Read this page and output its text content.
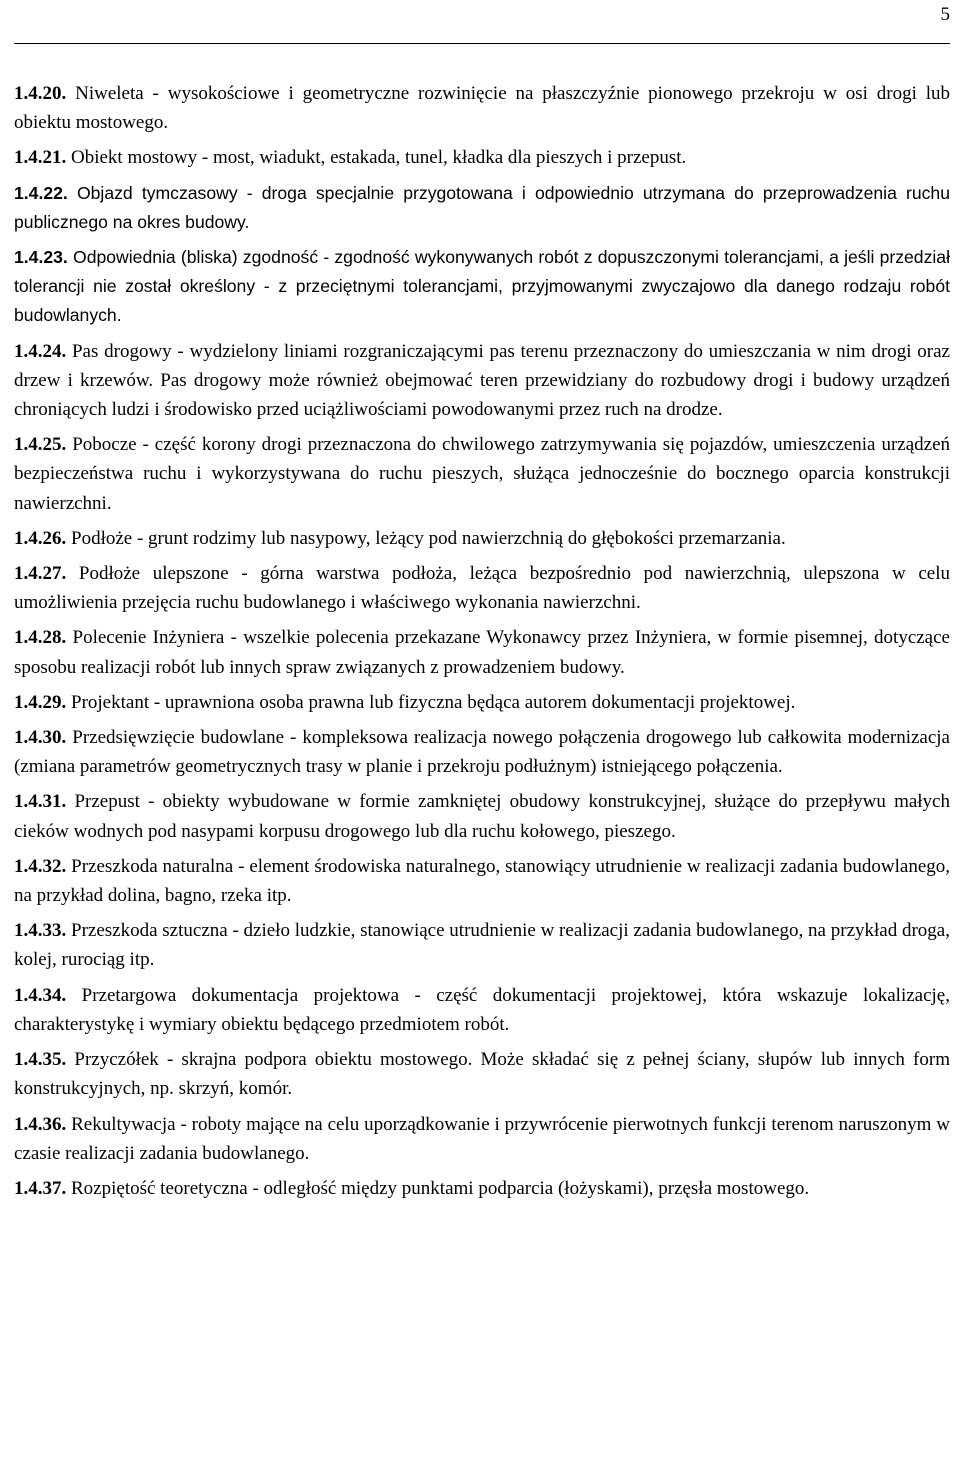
5

1.4.20. Niweleta - wysokościowe i geometryczne rozwinięcie na płaszczyźnie pionowego przekroju w osi drogi lub obiektu mostowego.

1.4.21. Obiekt mostowy - most, wiadukt, estakada, tunel, kładka dla pieszych i przepust.

1.4.22. Objazd tymczasowy - droga specjalnie przygotowana i odpowiednio utrzymana do przeprowadzenia ruchu publicznego na okres budowy.

1.4.23. Odpowiednia (bliska) zgodność - zgodność wykonywanych robót z dopuszczonymi tolerancjami, a jeśli przedział tolerancji nie został określony - z przeciętnymi tolerancjami, przyjmowanymi zwyczajowo dla danego rodzaju robót budowlanych.

1.4.24. Pas drogowy - wydzielony liniami rozgraniczającymi pas terenu przeznaczony do umieszczania w nim drogi oraz drzew i krzewów. Pas drogowy może również obejmować teren przewidziany do rozbudowy drogi i budowy urządzeń chroniących ludzi i środowisko przed uciążliwościami powodowanymi przez ruch na drodze.

1.4.25. Pobocze - część korony drogi przeznaczona do chwilowego zatrzymywania się pojazdów, umieszczenia urządzeń bezpieczeństwa ruchu i wykorzystywana do ruchu pieszych, służąca jednocześnie do bocznego oparcia konstrukcji nawierzchni.

1.4.26. Podłoże - grunt rodzimy lub nasypowy, leżący pod nawierzchnią do głębokości przemarzania.

1.4.27. Podłoże ulepszone - górna warstwa podłoża, leżąca bezpośrednio pod nawierzchnią, ulepszona w celu umożliwienia przejęcia ruchu budowlanego i właściwego wykonania nawierzchni.

1.4.28. Polecenie Inżyniera - wszelkie polecenia przekazane Wykonawcy przez Inżyniera, w formie pisemnej, dotyczące sposobu realizacji robót lub innych spraw związanych z prowadzeniem budowy.

1.4.29. Projektant - uprawniona osoba prawna lub fizyczna będąca autorem dokumentacji projektowej.

1.4.30. Przedsięwzięcie budowlane - kompleksowa realizacja nowego połączenia drogowego lub całkowita modernizacja (zmiana parametrów geometrycznych trasy w planie i przekroju podłużnym) istniejącego połączenia.

1.4.31. Przepust - obiekty wybudowane w formie zamkniętej obudowy konstrukcyjnej, służące do przepływu małych cieków wodnych pod nasypami korpusu drogowego lub dla ruchu kołowego, pieszego.

1.4.32. Przeszkoda naturalna - element środowiska naturalnego, stanowiący utrudnienie w realizacji zadania budowlanego, na przykład dolina, bagno, rzeka itp.

1.4.33. Przeszkoda sztuczna - dzieło ludzkie, stanowiące utrudnienie w realizacji zadania budowlanego, na przykład droga, kolej, rurociąg itp.

1.4.34. Przetargowa dokumentacja projektowa - część dokumentacji projektowej, która wskazuje lokalizację, charakterystykę i wymiary obiektu będącego przedmiotem robót.

1.4.35. Przyczółek - skrajna podpora obiektu mostowego. Może składać się z pełnej ściany, słupów lub innych form konstrukcyjnych, np. skrzyń, komór.

1.4.36. Rekultywacja - roboty mające na celu uporządkowanie i przywrócenie pierwotnych funkcji terenom naruszonym w czasie realizacji zadania budowlanego.

1.4.37. Rozpiętość teoretyczna - odległość między punktami podparcia (łożyskami), przęsła mostowego.
